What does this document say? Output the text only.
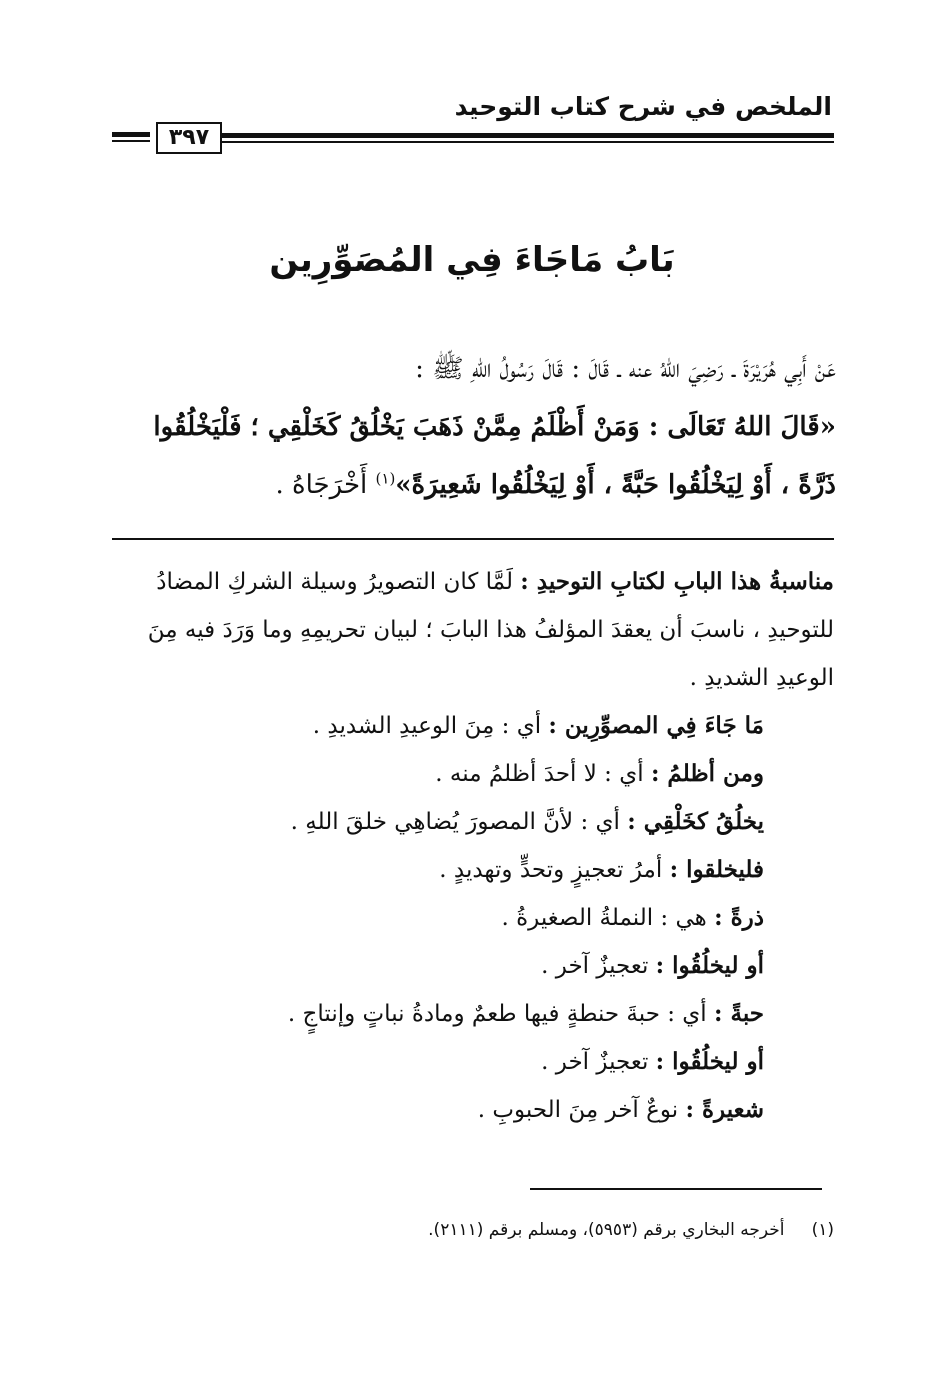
الملخص في شرح كتاب التوحيد
٣٩٧
بَابُ مَاجَاءَ فِي المُصَوِّرِين
عَنْ أَبِي هُرَيْرَةَ ـ رَضِيَ اللهُ عنه ـ قَالَ : قَالَ رَسُولُ اللهِ ﷺ :
«قَالَ اللهُ تَعَالَى : وَمَنْ أَظْلَمُ مِمَّنْ ذَهَبَ يَخْلُقُ كَخَلْقِي ؛ فَلْيَخْلُقُوا
ذَرَّةً ، أَوْ لِيَخْلُقُوا حَبَّةً ، أَوْ لِيَخْلُقُوا شَعِيرَةً»$^{(١)}$ أَخْرَجَاهُ .
مناسبةُ هذا البابِ لكتابِ التوحيدِ : لَمَّا كان التصويرُ وسيلة الشركِ المضادُ للتوحيدِ ، ناسبَ أن يعقدَ المؤلفُ هذا البابَ ؛ لبيان تحريمِهِ وما وَرَدَ فيه مِنَ الوعيدِ الشديدِ .
مَا جَاءَ فِي المصوِّرِين : أي : مِنَ الوعيدِ الشديدِ .
ومن أظلمُ : أي : لا أحدَ أظلمُ منه .
يخلُقُ كخَلْقِي : أي : لأنَّ المصورَ يُضاهِي خلقَ اللهِ .
فليخلقوا : أمرُ تعجيزٍ وتحدٍّ وتهديدٍ .
ذرةً : هي : النملةُ الصغيرةُ .
أو ليخلُقُوا : تعجيزٌ آخر .
حبةً : أي : حبةَ حنطةٍ فيها طعمٌ ومادةُ نباتٍ وإنتاجٍ .
أو ليخلُقُوا : تعجيزٌ آخر .
شعيرةً : نوعٌ آخر مِنَ الحبوبِ .
(١)     أخرجه البخاري برقم (٥٩٥٣)، ومسلم برقم (٢١١١).
